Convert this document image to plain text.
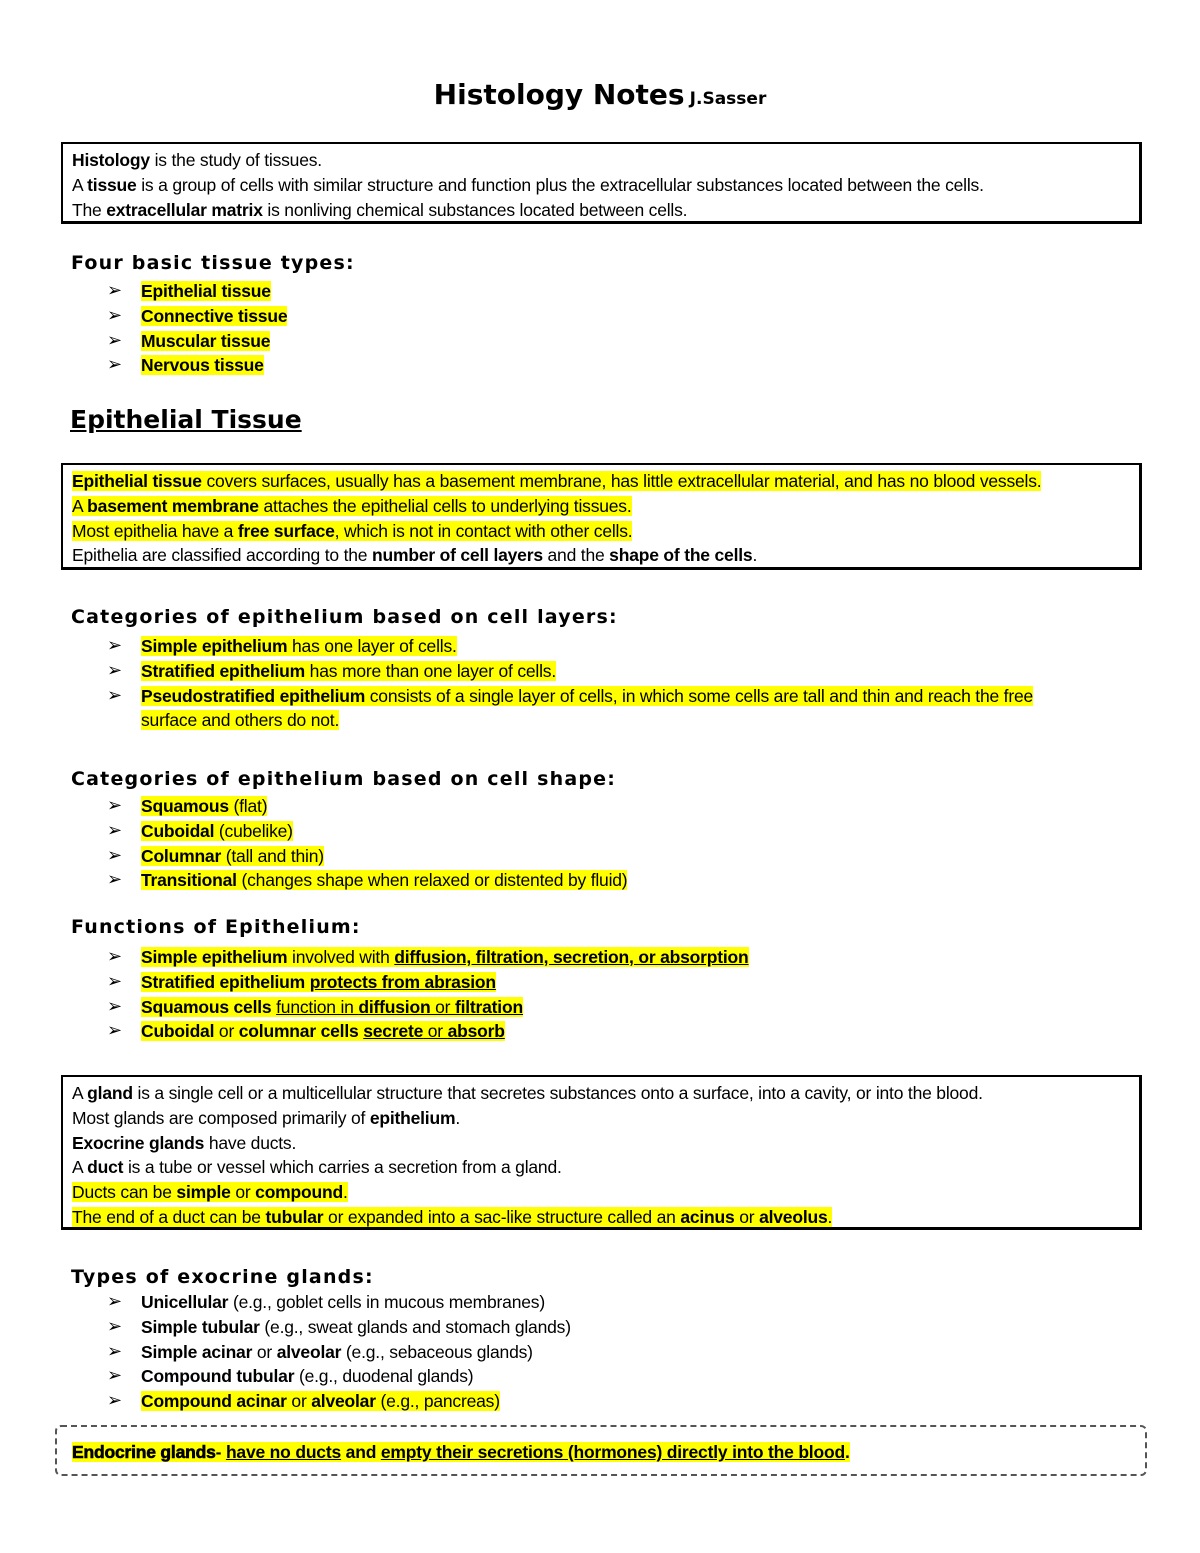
Histology Notes J.Sasser
Histology is the study of tissues.
A tissue is a group of cells with similar structure and function plus the extracellular substances located between the cells.
The extracellular matrix is nonliving chemical substances located between cells.
Four basic tissue types:
➢ Epithelial tissue
➢ Connective tissue
➢ Muscular tissue
➢ Nervous tissue
Epithelial Tissue
Epithelial tissue covers surfaces, usually has a basement membrane, has little extracellular material, and has no blood vessels.
A basement membrane attaches the epithelial cells to underlying tissues.
Most epithelia have a free surface, which is not in contact with other cells.
Epithelia are classified according to the number of cell layers and the shape of the cells.
Categories of epithelium based on cell layers:
➢ Simple epithelium has one layer of cells.
➢ Stratified epithelium has more than one layer of cells.
➢ Pseudostratified epithelium consists of a single layer of cells, in which some cells are tall and thin and reach the free
surface and others do not.
Categories of epithelium based on cell shape:
➢ Squamous (flat)
➢ Cuboidal (cubelike)
➢ Columnar (tall and thin)
➢ Transitional (changes shape when relaxed or distented by fluid)
Functions of Epithelium:
➢ Simple epithelium involved with diffusion, filtration, secretion, or absorption
➢ Stratified epithelium protects from abrasion
➢ Squamous cells function in diffusion or filtration
➢ Cuboidal or columnar cells secrete or absorb
A gland is a single cell or a multicellular structure that secretes substances onto a surface, into a cavity, or into the blood.
Most glands are composed primarily of epithelium.
Exocrine glands have ducts.
A duct is a tube or vessel which carries a secretion from a gland.
Ducts can be simple or compound.
The end of a duct can be tubular or expanded into a sac-like structure called an acinus or alveolus.
Types of exocrine glands:
➢ Unicellular (e.g., goblet cells in mucous membranes)
➢ Simple tubular (e.g., sweat glands and stomach glands)
➢ Simple acinar or alveolar (e.g., sebaceous glands)
➢ Compound tubular (e.g., duodenal glands)
➢ Compound acinar or alveolar (e.g., pancreas)
Endocrine glands- have no ducts and empty their secretions (hormones) directly into the blood.
